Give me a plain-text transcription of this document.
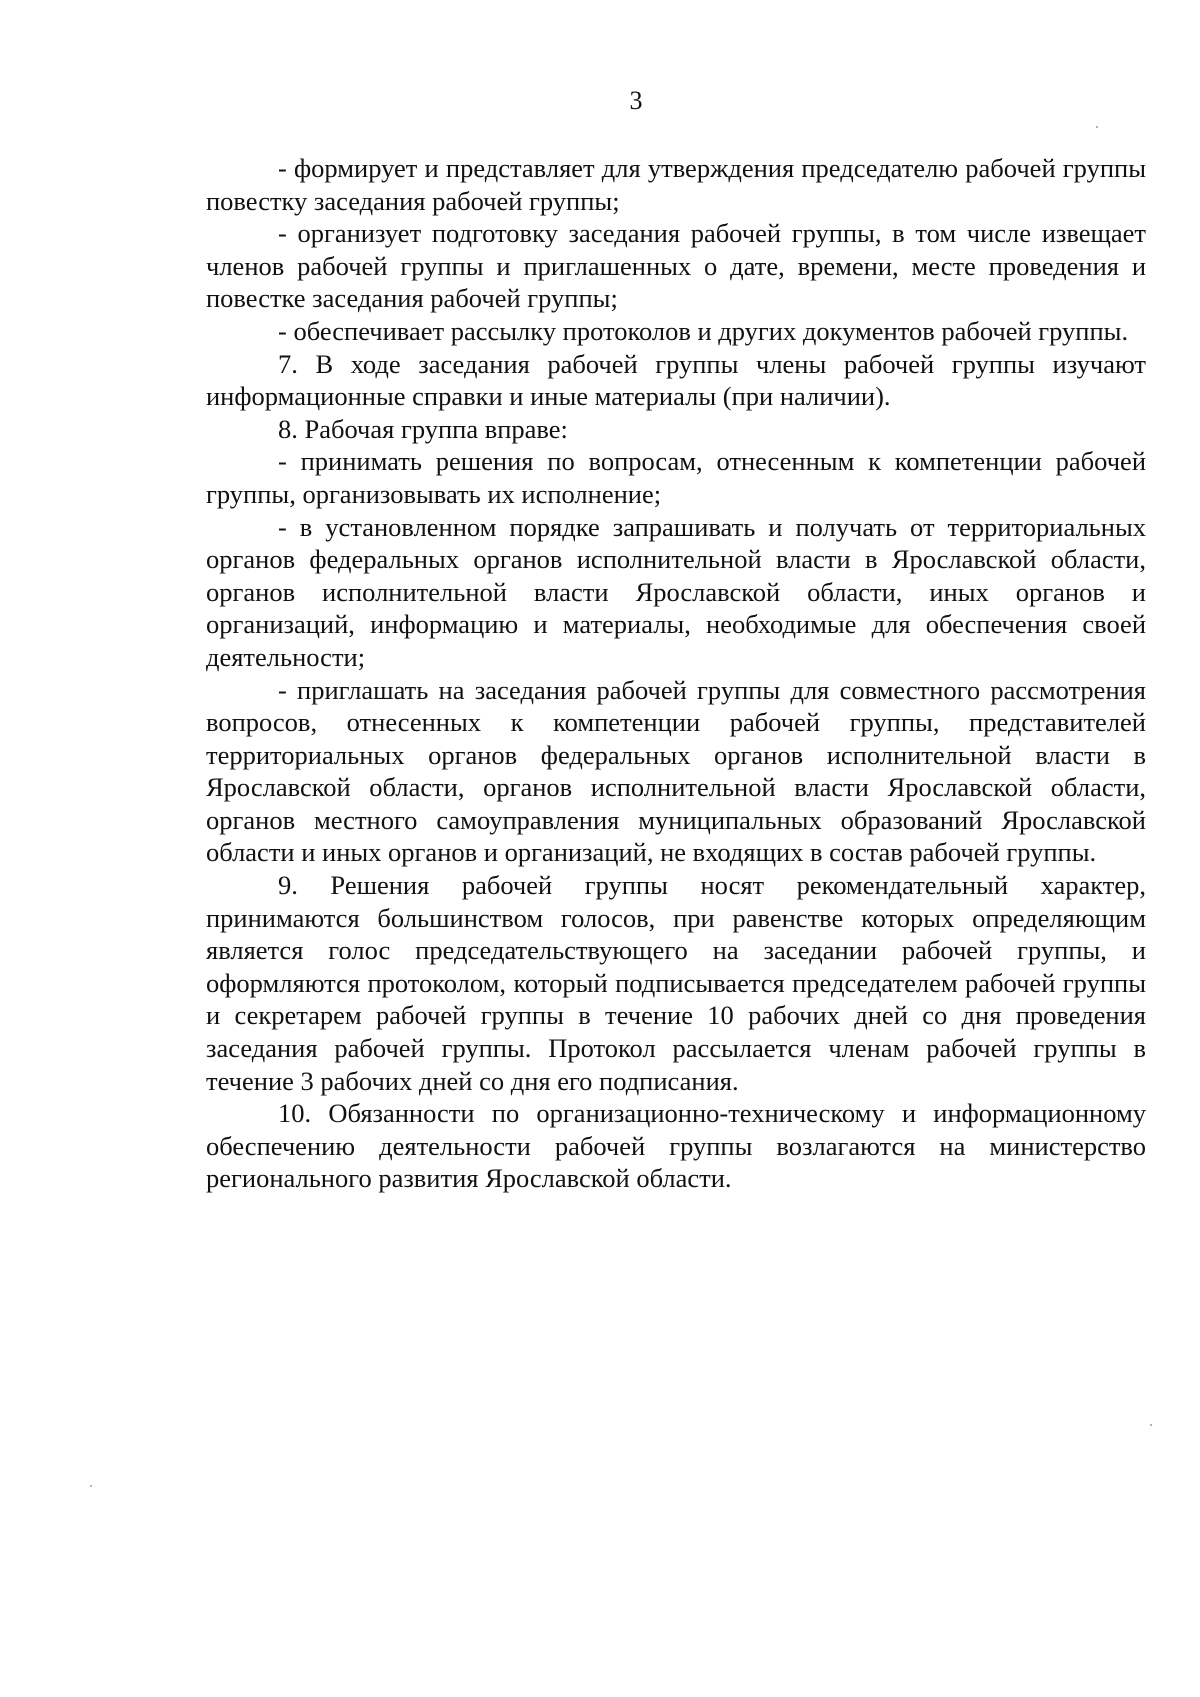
3

- формирует и представляет для утверждения председателю рабочей группы повестку заседания рабочей группы;

- организует подготовку заседания рабочей группы, в том числе извещает членов рабочей группы и приглашенных о дате, времени, месте проведения и повестке заседания рабочей группы;

- обеспечивает рассылку протоколов и других документов рабочей группы.

7. В ходе заседания рабочей группы члены рабочей группы изучают информационные справки и иные материалы (при наличии).

8. Рабочая группа вправе:

- принимать решения по вопросам, отнесенным к компетенции рабочей группы, организовывать их исполнение;

- в установленном порядке запрашивать и получать от территориальных органов федеральных органов исполнительной власти в Ярославской области, органов исполнительной власти Ярославской области, иных органов и организаций, информацию и материалы, необходимые для обеспечения своей деятельности;

- приглашать на заседания рабочей группы для совместного рассмотрения вопросов, отнесенных к компетенции рабочей группы, представителей территориальных органов федеральных органов исполнительной власти в Ярославской области, органов исполнительной власти Ярославской области, органов местного самоуправления муниципальных образований Ярославской области и иных органов и организаций, не входящих в состав рабочей группы.

9. Решения рабочей группы носят рекомендательный характер, принимаются большинством голосов, при равенстве которых определяющим является голос председательствующего на заседании рабочей группы, и оформляются протоколом, который подписывается председателем рабочей группы и секретарем рабочей группы в течение 10 рабочих дней со дня проведения заседания рабочей группы. Протокол рассылается членам рабочей группы в течение 3 рабочих дней со дня его подписания.

10. Обязанности по организационно-техническому и информационному обеспечению деятельности рабочей группы возлагаются на министерство регионального развития Ярославской области.
